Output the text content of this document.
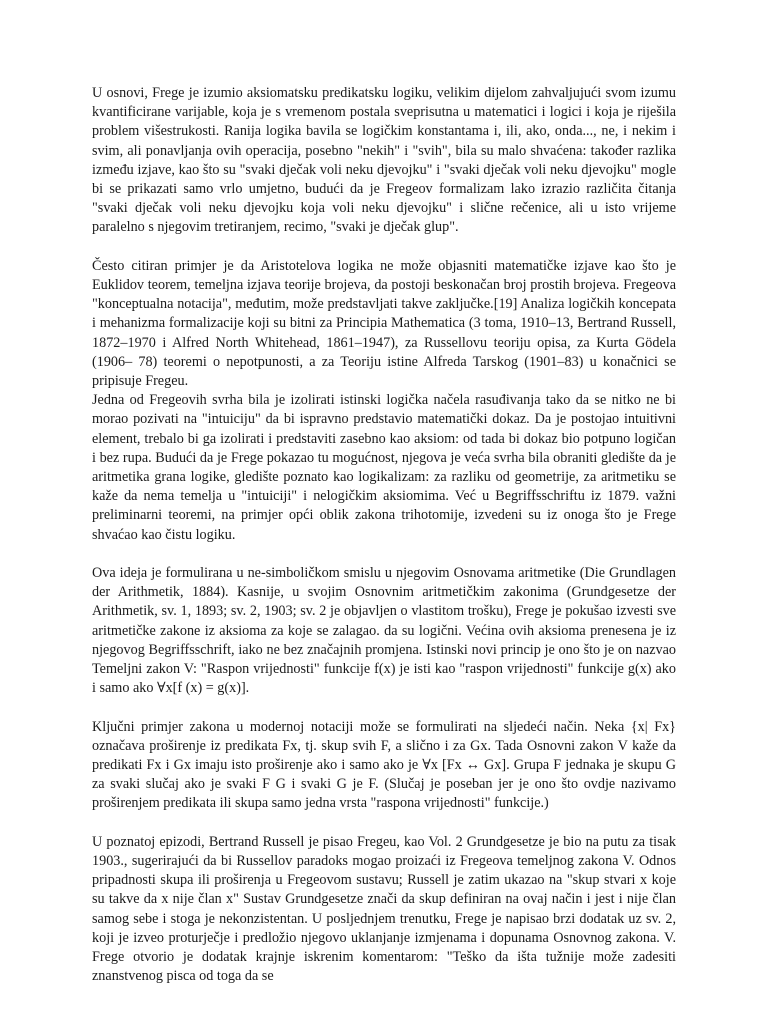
U osnovi, Frege je izumio aksiomatsku predikatsku logiku, velikim dijelom zahvaljujući svom izumu kvantificirane varijable, koja je s vremenom postala sveprisutna u matematici i logici i koja je riješila problem višestrukosti. Ranija logika bavila se logičkim konstantama i, ili, ako, onda..., ne, i nekim i svim, ali ponavljanja ovih operacija, posebno "nekih" i "svih", bila su malo shvaćena: također razlika između izjave, kao što su "svaki dječak voli neku djevojku" i "svaki dječak voli neku djevojku" mogle bi se prikazati samo vrlo umjetno, budući da je Fregeov formalizam lako izrazio različita čitanja "svaki dječak voli neku djevojku koja voli neku djevojku" i slične rečenice, ali u isto vrijeme paralelno s njegovim tretiranjem, recimo, "svaki je dječak glup".

Često citiran primjer je da Aristotelova logika ne može objasniti matematičke izjave kao što je Euklidov teorem, temeljna izjava teorije brojeva, da postoji beskonačan broj prostih brojeva. Fregeova "konceptualna notacija", međutim, može predstavljati takve zaključke.[19] Analiza logičkih koncepata i mehanizma formalizacije koji su bitni za Principia Mathematica (3 toma, 1910–13, Bertrand Russell, 1872–1970 i Alfred North Whitehead, 1861–1947), za Russellovu teoriju opisa, za Kurta Gödela (1906– 78) teoremi o nepotpunosti, a za Teoriju istine Alfreda Tarskog (1901–83) u konačnici se pripisuje Fregeu.

Jedna od Fregeovih svrha bila je izolirati istinski logička načela rasuđivanja tako da se nitko ne bi morao pozivati na "intuiciju" da bi ispravno predstavio matematički dokaz. Da je postojao intuitivni element, trebalo bi ga izolirati i predstaviti zasebno kao aksiom: od tada bi dokaz bio potpuno logičan i bez rupa. Budući da je Frege pokazao tu mogućnost, njegova je veća svrha bila obraniti gledište da je aritmetika grana logike, gledište poznato kao logikalizam: za razliku od geometrije, za aritmetiku se kaže da nema temelja u "intuiciji" i nelogičkim aksiomima. Već u Begriffsschriftu iz 1879. važni preliminarni teoremi, na primjer opći oblik zakona trihotomije, izvedeni su iz onoga što je Frege shvaćao kao čistu logiku.

Ova ideja je formulirana u ne-simboličkom smislu u njegovim Osnovama aritmetike (Die Grundlagen der Arithmetik, 1884). Kasnije, u svojim Osnovnim aritmetičkim zakonima (Grundgesetze der Arithmetik, sv. 1, 1893; sv. 2, 1903; sv. 2 je objavljen o vlastitom trošku), Frege je pokušao izvesti sve aritmetičke zakone iz aksioma za koje se zalagao. da su logični. Većina ovih aksioma prenesena je iz njegovog Begriffsschrift, iako ne bez značajnih promjena. Istinski novi princip je ono što je on nazvao Temeljni zakon V: "Raspon vrijednosti" funkcije f(x) je isti kao "raspon vrijednosti" funkcije g(x) ako i samo ako ∀x[f (x) = g(x)].

Ključni primjer zakona u modernoj notaciji može se formulirati na sljedeći način. Neka {x| Fx} označava proširenje iz predikata Fx, tj. skup svih F, a slično i za Gx. Tada Osnovni zakon V kaže da predikati Fx i Gx imaju isto proširenje ako i samo ako je ∀x [Fx ↔ Gx]. Grupa F jednaka je skupu G za svaki slučaj ako je svaki F G i svaki G je F. (Slučaj je poseban jer je ono što ovdje nazivamo proširenjem predikata ili skupa samo jedna vrsta "raspona vrijednosti" funkcije.)

U poznatoj epizodi, Bertrand Russell je pisao Fregeu, kao Vol. 2 Grundgesetze je bio na putu za tisak 1903., sugerirajući da bi Russellov paradoks mogao proizaći iz Fregeova temeljnog zakona V. Odnos pripadnosti skupa ili proširenja u Fregeovom sustavu; Russell je zatim ukazao na "skup stvari x koje su takve da x nije član x" Sustav Grundgesetze znači da skup definiran na ovaj način i jest i nije član samog sebe i stoga je nekonzistentan. U posljednjem trenutku, Frege je napisao brzi dodatak uz sv. 2, koji je izveo proturječje i predložio njegovo uklanjanje izmjenama i dopunama Osnovnog zakona. V. Frege otvorio je dodatak krajnje iskrenim komentarom: "Teško da išta tužnije može zadesiti znanstvenog pisca od toga da se
